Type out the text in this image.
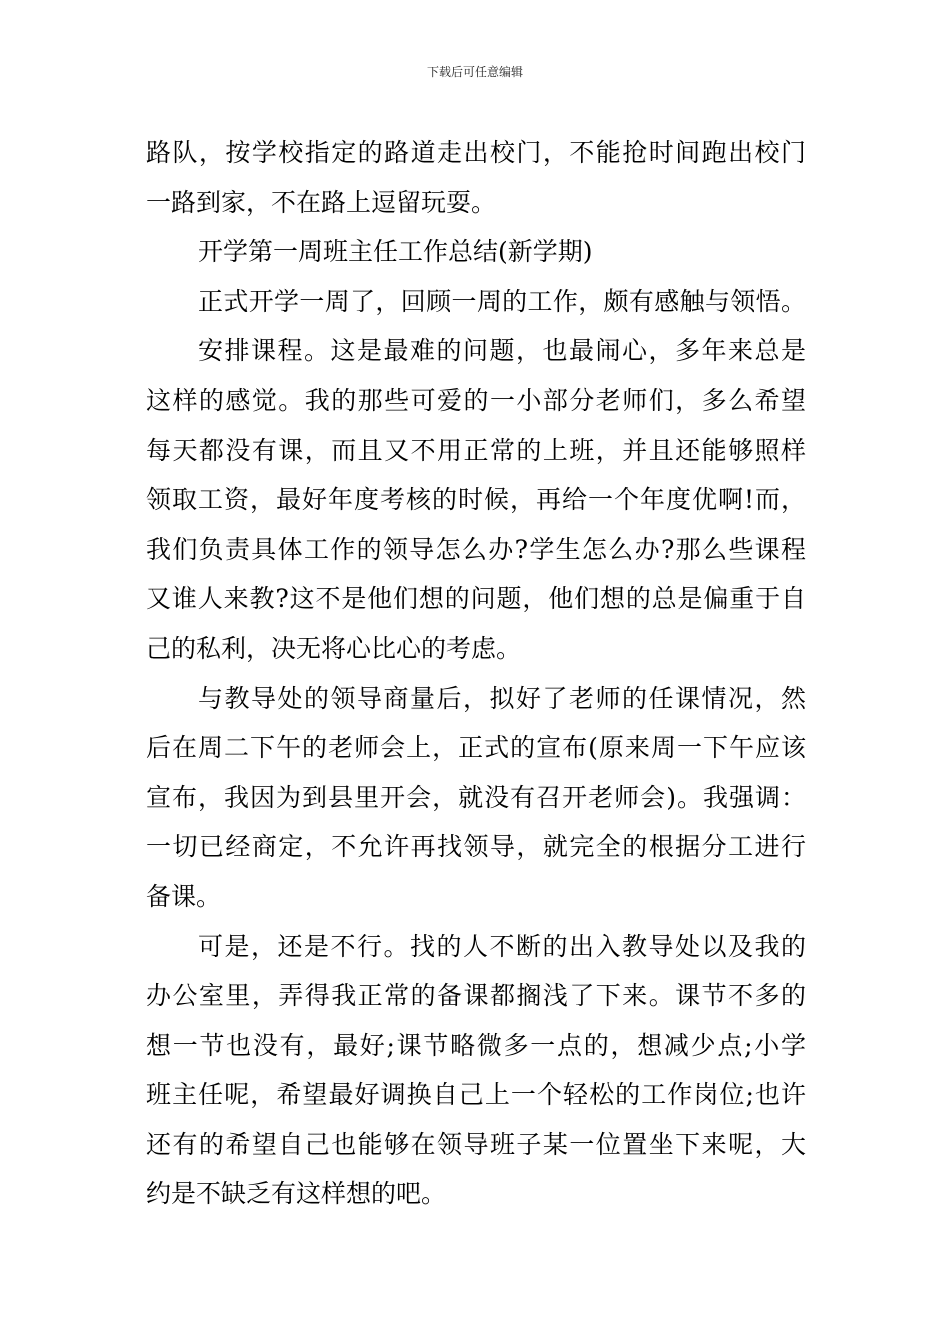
下载后可任意编辑
路队，按学校指定的路道走出校门，不能抢时间跑出校门
一路到家，不在路上逗留玩耍。
开学第一周班主任工作总结(新学期)
正式开学一周了，回顾一周的工作，颇有感触与领悟。
安排课程。这是最难的问题，也最闹心，多年来总是
这样的感觉。我的那些可爱的一小部分老师们，多么希望
每天都没有课，而且又不用正常的上班，并且还能够照样
领取工资，最好年度考核的时候，再给一个年度优啊!而，
我们负责具体工作的领导怎么办?学生怎么办?那么些课程
又谁人来教?这不是他们想的问题，他们想的总是偏重于自
己的私利，决无将心比心的考虑。
与教导处的领导商量后，拟好了老师的任课情况，然
后在周二下午的老师会上，正式的宣布(原来周一下午应该
宣布，我因为到县里开会，就没有召开老师会)。我强调：
一切已经商定，不允许再找领导，就完全的根据分工进行
备课。
可是，还是不行。找的人不断的出入教导处以及我的
办公室里，弄得我正常的备课都搁浅了下来。课节不多的
想一节也没有，最好;课节略微多一点的，想减少点;小学
班主任呢，希望最好调换自己上一个轻松的工作岗位;也许
还有的希望自己也能够在领导班子某一位置坐下来呢，大
约是不缺乏有这样想的吧。
